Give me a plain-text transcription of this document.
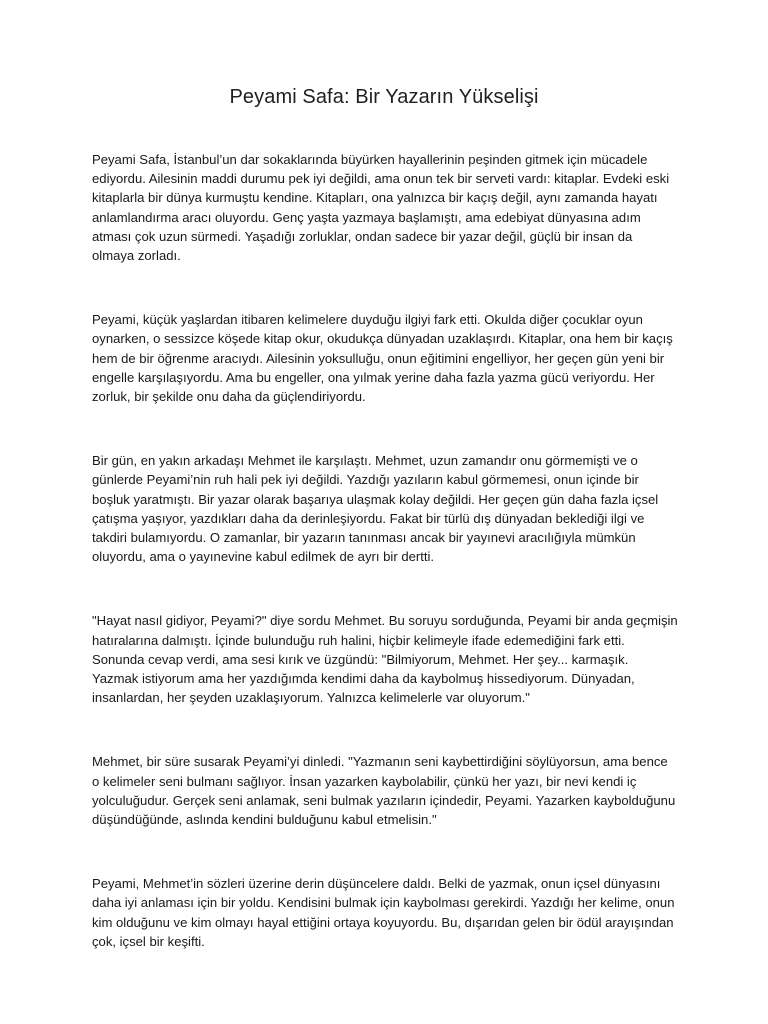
Peyami Safa: Bir Yazarın Yükselişi

Peyami Safa, İstanbul’un dar sokaklarında büyürken hayallerinin peşinden gitmek için mücadele ediyordu. Ailesinin maddi durumu pek iyi değildi, ama onun tek bir serveti vardı: kitaplar. Evdeki eski kitaplarla bir dünya kurmuştu kendine. Kitapları, ona yalnızca bir kaçış değil, aynı zamanda hayatı anlamlandırma aracı oluyordu. Genç yaşta yazmaya başlamıştı, ama edebiyat dünyasına adım atması çok uzun sürmedi. Yaşadığı zorluklar, ondan sadece bir yazar değil, güçlü bir insan da olmaya zorladı.

Peyami, küçük yaşlardan itibaren kelimelere duyduğu ilgiyi fark etti. Okulda diğer çocuklar oyun oynarken, o sessizce köşede kitap okur, okudukça dünyadan uzaklaşırdı. Kitaplar, ona hem bir kaçış hem de bir öğrenme aracıydı. Ailesinin yoksulluğu, onun eğitimini engelliyor, her geçen gün yeni bir engelle karşılaşıyordu. Ama bu engeller, ona yılmak yerine daha fazla yazma gücü veriyordu. Her zorluk, bir şekilde onu daha da güçlendiriyordu.

Bir gün, en yakın arkadaşı Mehmet ile karşılaştı. Mehmet, uzun zamandır onu görmemişti ve o günlerde Peyami’nin ruh hali pek iyi değildi. Yazdığı yazıların kabul görmemesi, onun içinde bir boşluk yaratmıştı. Bir yazar olarak başarıya ulaşmak kolay değildi. Her geçen gün daha fazla içsel çatışma yaşıyor, yazdıkları daha da derinleşiyordu. Fakat bir türlü dış dünyadan beklediği ilgi ve takdiri bulamıyordu. O zamanlar, bir yazarın tanınması ancak bir yayınevi aracılığıyla mümkün oluyordu, ama o yayınevine kabul edilmek de ayrı bir dertti.

"Hayat nasıl gidiyor, Peyami?" diye sordu Mehmet. Bu soruyu sorduğunda, Peyami bir anda geçmişin hatıralarına dalmıştı. İçinde bulunduğu ruh halini, hiçbir kelimeyle ifade edemediğini fark etti. Sonunda cevap verdi, ama sesi kırık ve üzgündü: "Bilmiyorum, Mehmet. Her şey... karmaşık. Yazmak istiyorum ama her yazdığımda kendimi daha da kaybolmuş hissediyorum. Dünyadan, insanlardan, her şeyden uzaklaşıyorum. Yalnızca kelimelerle var oluyorum."

Mehmet, bir süre susarak Peyami’yi dinledi. "Yazmanın seni kaybettirdiğini söylüyorsun, ama bence o kelimeler seni bulmanı sağlıyor. İnsan yazarken kaybolabilir, çünkü her yazı, bir nevi kendi iç yolculuğudur. Gerçek seni anlamak, seni bulmak yazıların içindedir, Peyami. Yazarken kaybolduğunu düşündüğünde, aslında kendini bulduğunu kabul etmelisin."

Peyami, Mehmet’in sözleri üzerine derin düşüncelere daldı. Belki de yazmak, onun içsel dünyasını daha iyi anlaması için bir yoldu. Kendisini bulmak için kaybolması gerekirdi. Yazdığı her kelime, onun kim olduğunu ve kim olmayı hayal ettiğini ortaya koyuyordu. Bu, dışarıdan gelen bir ödül arayışından çok, içsel bir keşifti.
